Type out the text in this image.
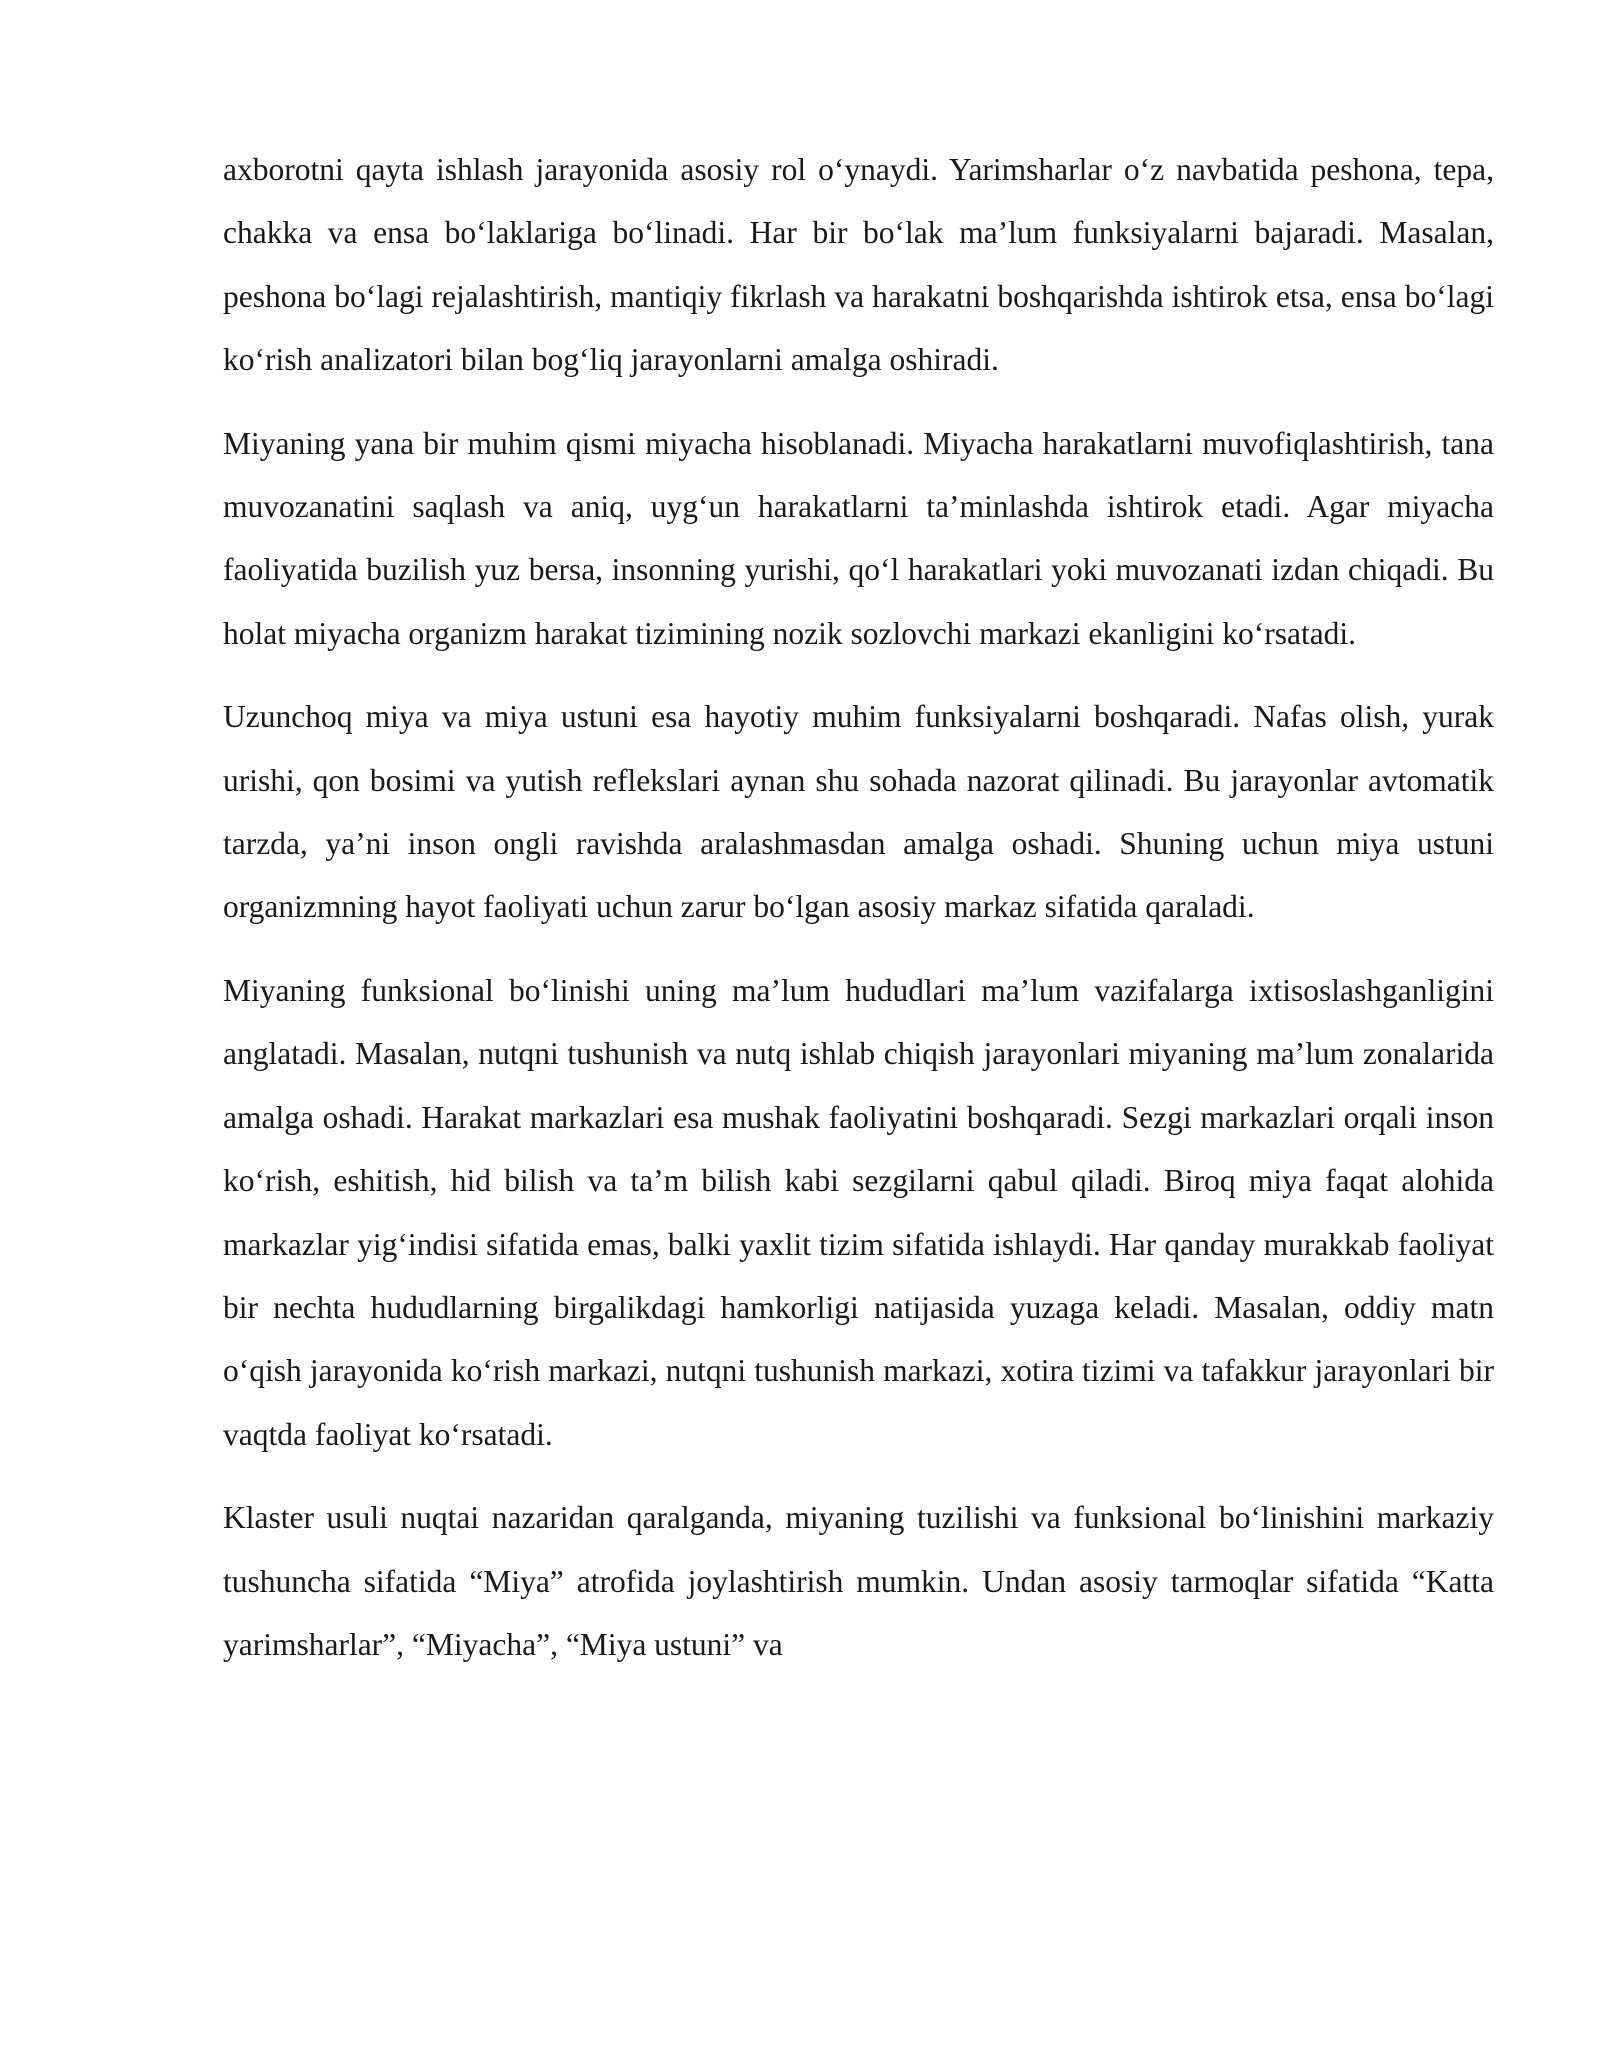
axborotni qayta ishlash jarayonida asosiy rol o‘ynaydi. Yarimsharlar o‘z navbatida peshona, tepa, chakka va ensa bo‘laklariga bo‘linadi. Har bir bo‘lak ma’lum funksiyalarni bajaradi. Masalan, peshona bo‘lagi rejalashtirish, mantiqiy fikrlash va harakatni boshqarishda ishtirok etsa, ensa bo‘lagi ko‘rish analizatori bilan bog‘liq jarayonlarni amalga oshiradi.

Miyaning yana bir muhim qismi miyacha hisoblanadi. Miyacha harakatlarni muvofiqlashtirish, tana muvozanatini saqlash va aniq, uyg‘un harakatlarni ta’minlashda ishtirok etadi. Agar miyacha faoliyatida buzilish yuz bersa, insonning yurishi, qo‘l harakatlari yoki muvozanati izdan chiqadi. Bu holat miyacha organizm harakat tizimining nozik sozlovchi markazi ekanligini ko‘rsatadi.

Uzunchoq miya va miya ustuni esa hayotiy muhim funksiyalarni boshqaradi. Nafas olish, yurak urishi, qon bosimi va yutish reflekslari aynan shu sohada nazorat qilinadi. Bu jarayonlar avtomatik tarzda, ya’ni inson ongli ravishda aralashmasdan amalga oshadi. Shuning uchun miya ustuni organizmning hayot faoliyati uchun zarur bo‘lgan asosiy markaz sifatida qaraladi.

Miyaning funksional bo‘linishi uning ma’lum hududlari ma’lum vazifalarga ixtisoslashganligini anglatadi. Masalan, nutqni tushunish va nutq ishlab chiqish jarayonlari miyaning ma’lum zonalarida amalga oshadi. Harakat markazlari esa mushak faoliyatini boshqaradi. Sezgi markazlari orqali inson ko‘rish, eshitish, hid bilish va ta’m bilish kabi sezgilarni qabul qiladi. Biroq miya faqat alohida markazlar yig‘indisi sifatida emas, balki yaxlit tizim sifatida ishlaydi. Har qanday murakkab faoliyat bir nechta hududlarning birgalikdagi hamkorligi natijasida yuzaga keladi. Masalan, oddiy matn o‘qish jarayonida ko‘rish markazi, nutqni tushunish markazi, xotira tizimi va tafakkur jarayonlari bir vaqtda faoliyat ko‘rsatadi.

Klaster usuli nuqtai nazaridan qaralganda, miyaning tuzilishi va funksional bo‘linishini markaziy tushuncha sifatida “Miya” atrofida joylashtirish mumkin. Undan asosiy tarmoqlar sifatida “Katta yarimsharlar”, “Miyacha”, “Miya ustuni” va
